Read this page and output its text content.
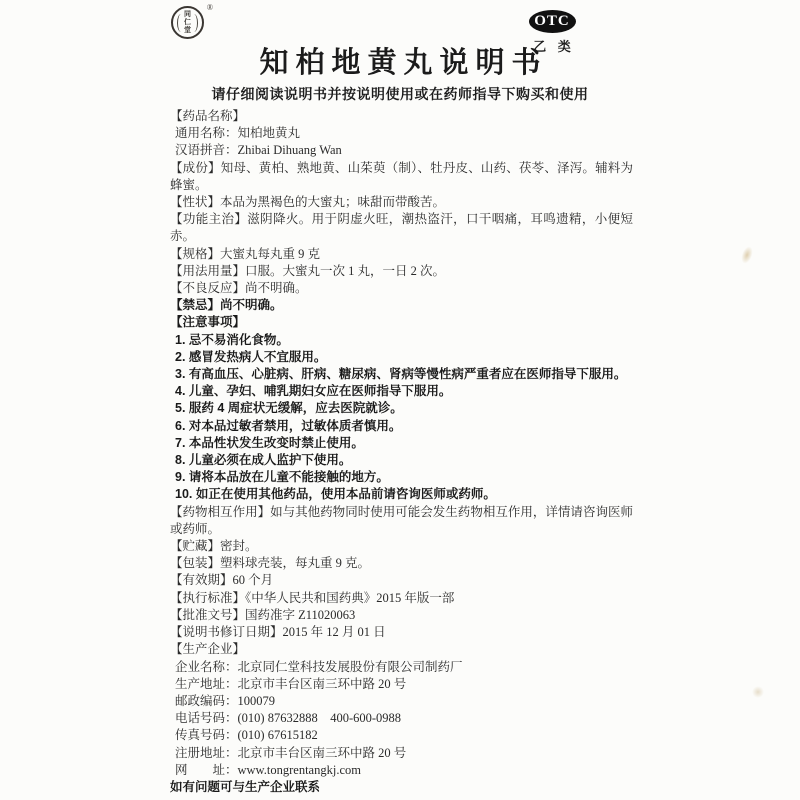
同仁堂
®
OTC
乙 类
知柏地黄丸说明书
请仔细阅读说明书并按说明使用或在药师指导下购买和使用

【药品名称】

通用名称：知柏地黄丸

汉语拼音：Zhibai Dihuang Wan

【成份】知母、黄柏、熟地黄、山茱萸（制）、牡丹皮、山药、茯苓、泽泻。辅料为蜂蜜。

【性状】本品为黑褐色的大蜜丸；味甜而带酸苦。

【功能主治】滋阴降火。用于阴虚火旺，潮热盗汗，口干咽痛，耳鸣遗精，小便短赤。

【规格】大蜜丸每丸重 9 克

【用法用量】口服。大蜜丸一次 1 丸，一日 2 次。

【不良反应】尚不明确。

【禁忌】尚不明确。

【注意事项】

1. 忌不易消化食物。

2. 感冒发热病人不宜服用。

3. 有高血压、心脏病、肝病、糖尿病、肾病等慢性病严重者应在医师指导下服用。

4. 儿童、孕妇、哺乳期妇女应在医师指导下服用。

5. 服药 4 周症状无缓解，应去医院就诊。

6. 对本品过敏者禁用，过敏体质者慎用。

7. 本品性状发生改变时禁止使用。

8. 儿童必须在成人监护下使用。

9. 请将本品放在儿童不能接触的地方。

10. 如正在使用其他药品，使用本品前请咨询医师或药师。

【药物相互作用】如与其他药物同时使用可能会发生药物相互作用，详情请咨询医师或药师。

【贮藏】密封。

【包装】塑料球壳装，每丸重 9 克。

【有效期】60 个月

【执行标准】《中华人民共和国药典》2015 年版一部

【批准文号】国药准字 Z11020063

【说明书修订日期】2015 年 12 月 01 日

【生产企业】

企业名称：北京同仁堂科技发展股份有限公司制药厂

生产地址：北京市丰台区南三环中路 20 号

邮政编码：100079

电话号码：(010) 87632888　400-600-0988

传真号码：(010) 67615182

注册地址：北京市丰台区南三环中路 20 号

网　　址：www.tongrentangkj.com

如有问题可与生产企业联系
